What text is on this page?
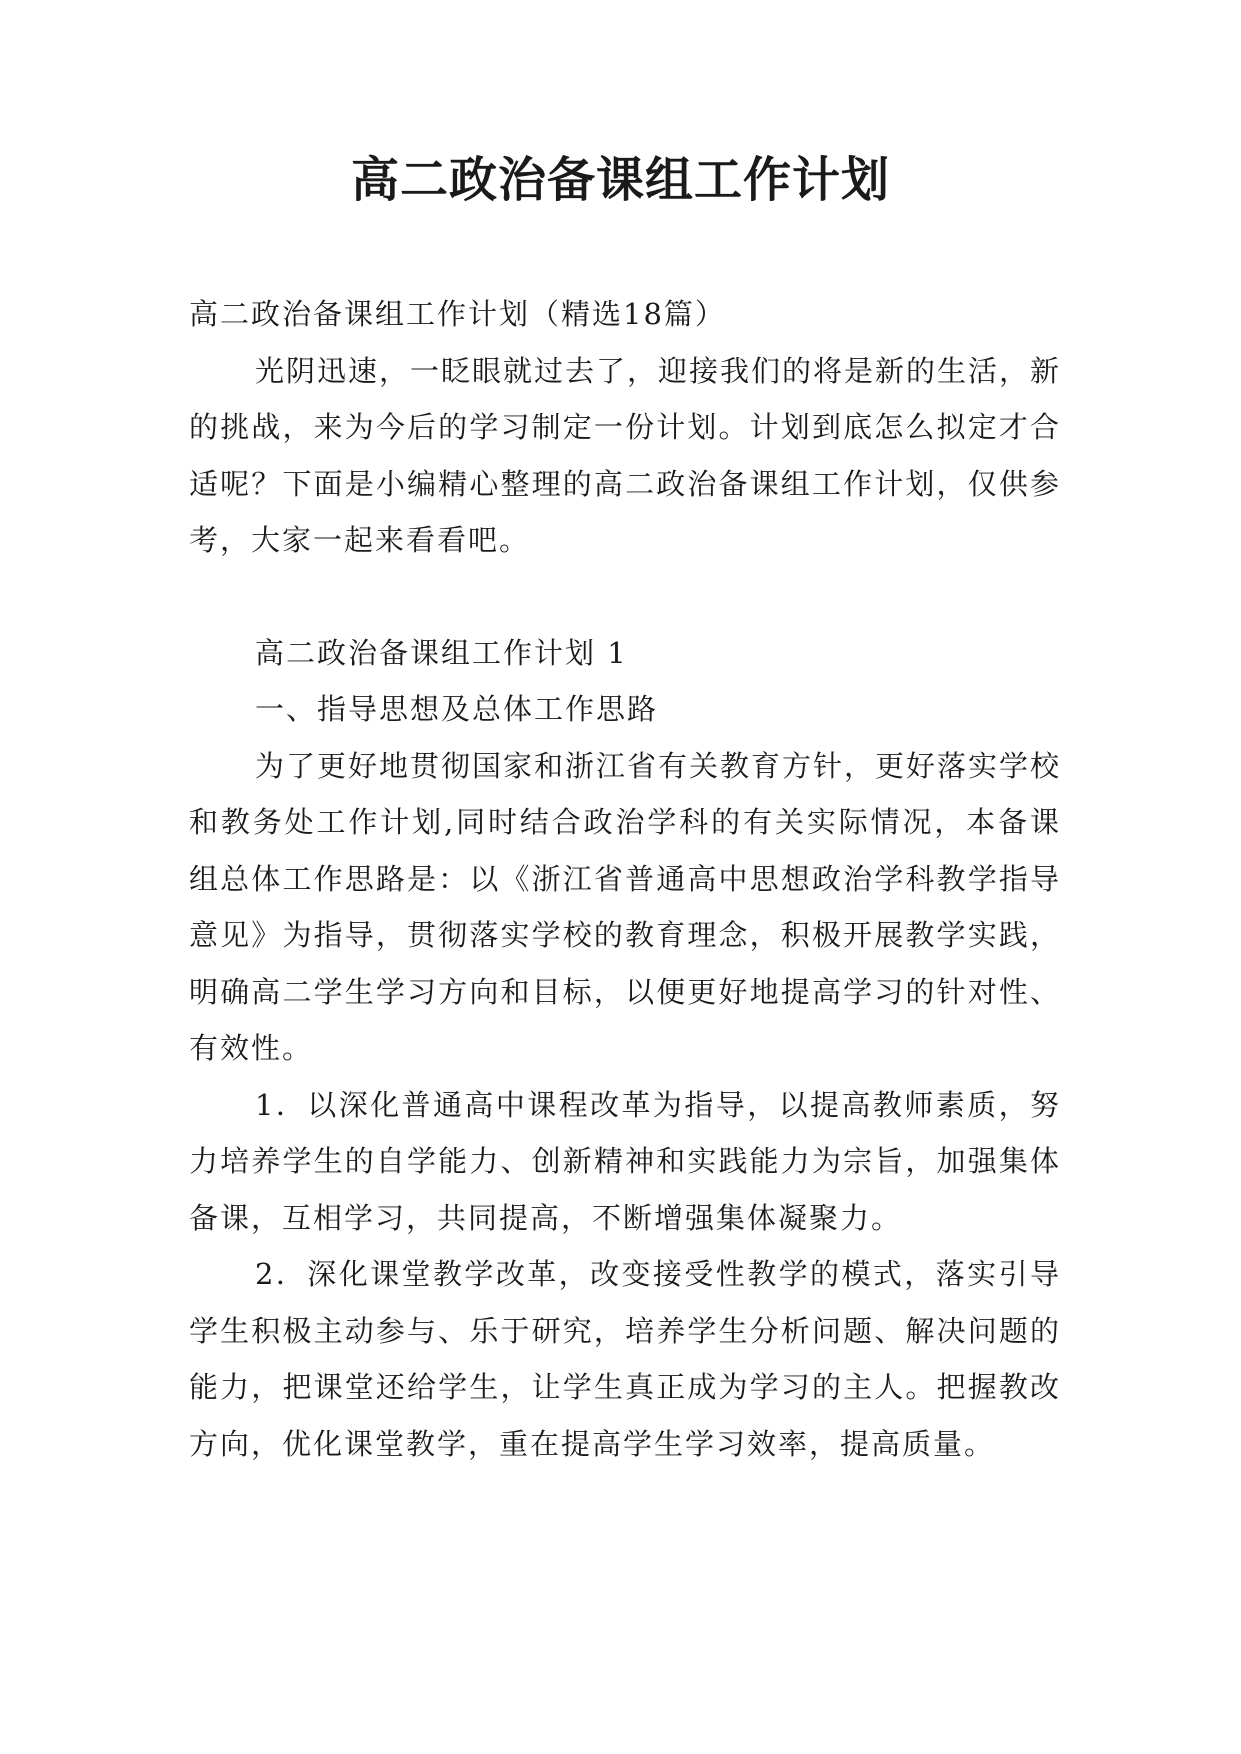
高二政治备课组工作计划

高二政治备课组工作计划（精选18篇）

光阴迅速，一眨眼就过去了，迎接我们的将是新的生活，新的挑战，来为今后的学习制定一份计划。计划到底怎么拟定才合适呢？下面是小编精心整理的高二政治备课组工作计划，仅供参考，大家一起来看看吧。

高二政治备课组工作计划 1

一、指导思想及总体工作思路

为了更好地贯彻国家和浙江省有关教育方针，更好落实学校和教务处工作计划,同时结合政治学科的有关实际情况，本备课组总体工作思路是：以《浙江省普通高中思想政治学科教学指导意见》为指导，贯彻落实学校的教育理念，积极开展教学实践，明确高二学生学习方向和目标，以便更好地提高学习的针对性、有效性。

1．以深化普通高中课程改革为指导，以提高教师素质，努力培养学生的自学能力、创新精神和实践能力为宗旨，加强集体备课，互相学习，共同提高，不断增强集体凝聚力。

2．深化课堂教学改革，改变接受性教学的模式，落实引导学生积极主动参与、乐于研究，培养学生分析问题、解决问题的能力，把课堂还给学生，让学生真正成为学习的主人。把握教改方向，优化课堂教学，重在提高学生学习效率，提高质量。
